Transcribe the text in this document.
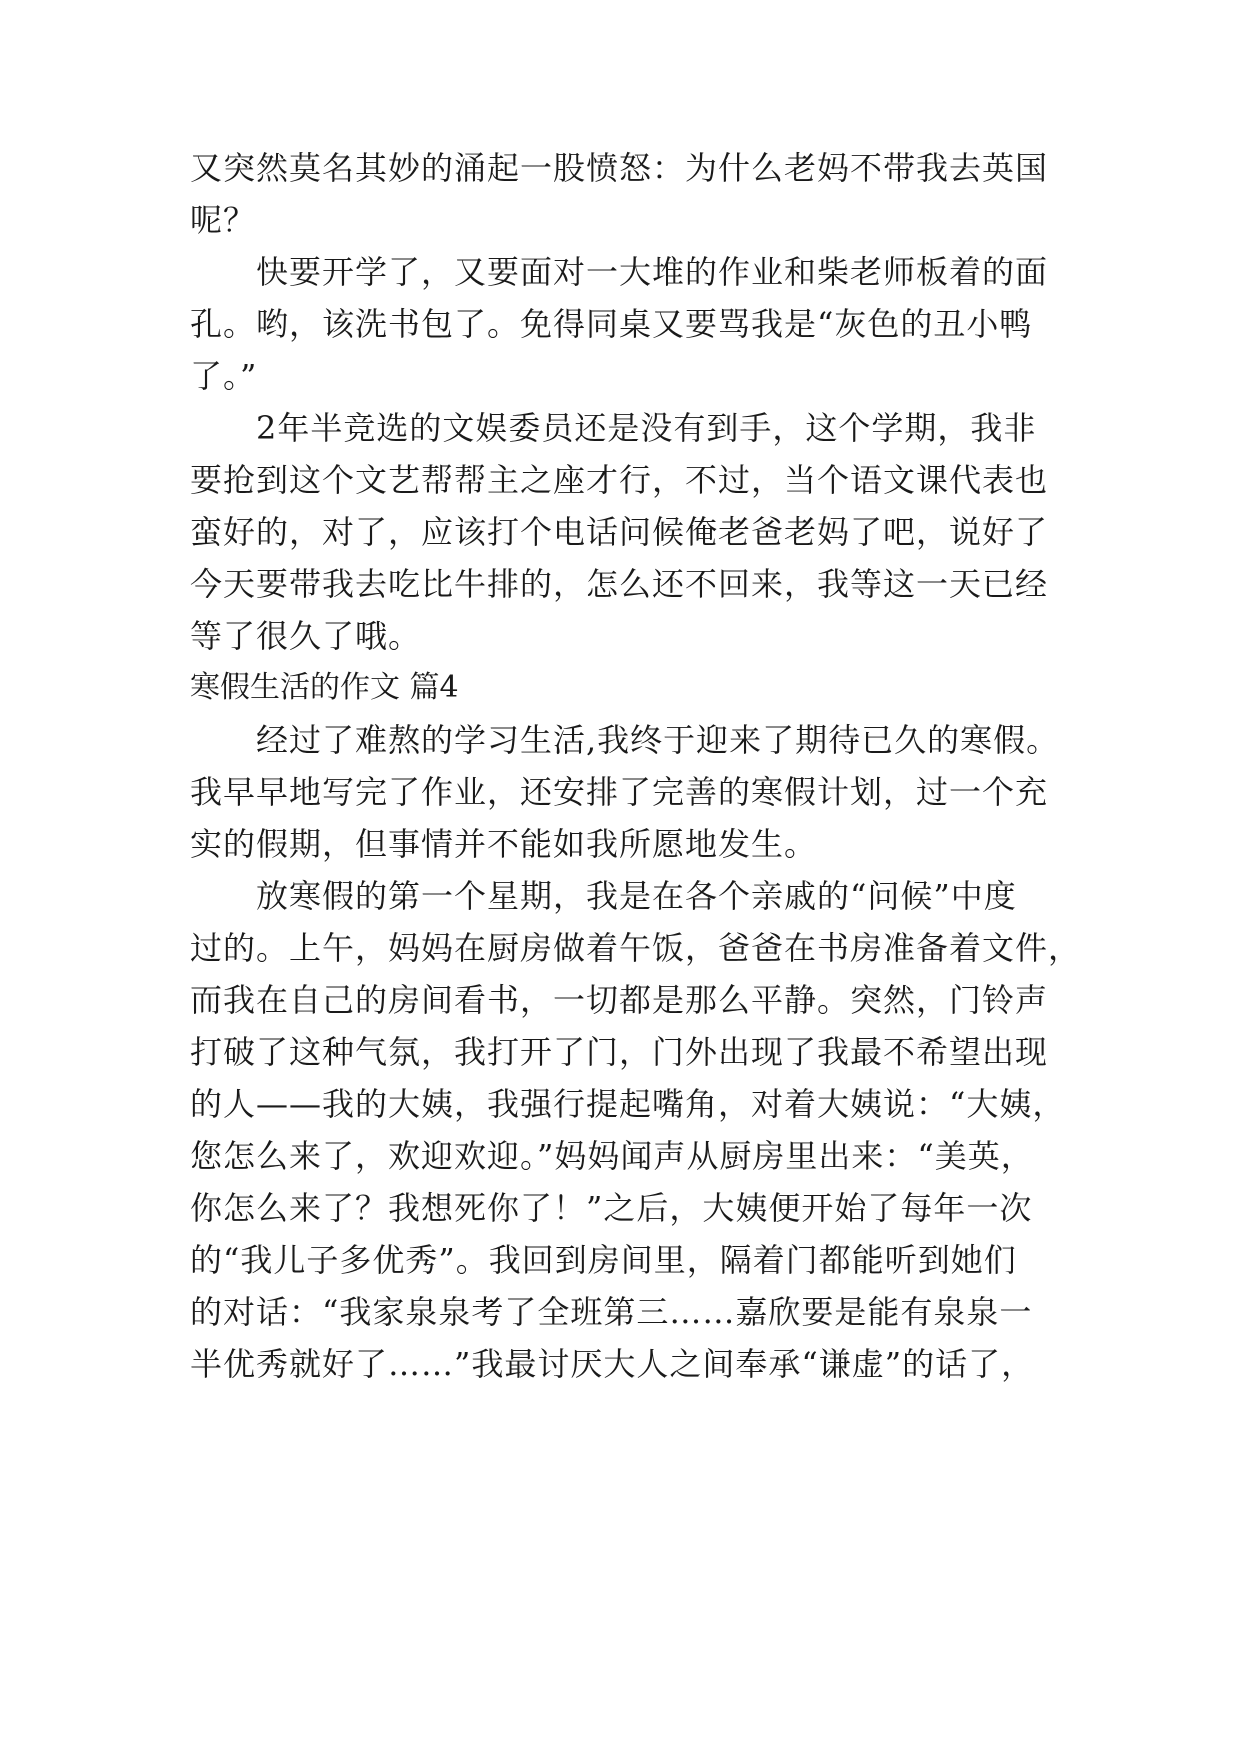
又突然莫名其妙的涌起一股愤怒：为什么老妈不带我去英国
呢？
快要开学了，又要面对一大堆的作业和柴老师板着的面
孔。哟，该洗书包了。免得同桌又要骂我是“灰色的丑小鸭
了。”
2年半竞选的文娱委员还是没有到手，这个学期，我非
要抢到这个文艺帮帮主之座才行，不过，当个语文课代表也
蛮好的，对了，应该打个电话问候俺老爸老妈了吧，说好了
今天要带我去吃比牛排的，怎么还不回来，我等这一天已经
等了很久了哦。
寒假生活的作文 篇4
经过了难熬的学习生活,我终于迎来了期待已久的寒假。
我早早地写完了作业，还安排了完善的寒假计划，过一个充
实的假期，但事情并不能如我所愿地发生。
放寒假的第一个星期，我是在各个亲戚的“问候”中度
过的。上午，妈妈在厨房做着午饭，爸爸在书房准备着文件，
而我在自己的房间看书，一切都是那么平静。突然，门铃声
打破了这种气氛，我打开了门，门外出现了我最不希望出现
的人——我的大姨，我强行提起嘴角，对着大姨说：“大姨，
您怎么来了，欢迎欢迎。”妈妈闻声从厨房里出来：“美英，
你怎么来了？我想死你了！”之后，大姨便开始了每年一次
的“我儿子多优秀”。我回到房间里，隔着门都能听到她们
的对话：“我家泉泉考了全班第三……嘉欣要是能有泉泉一
半优秀就好了……”我最讨厌大人之间奉承“谦虚”的话了，
